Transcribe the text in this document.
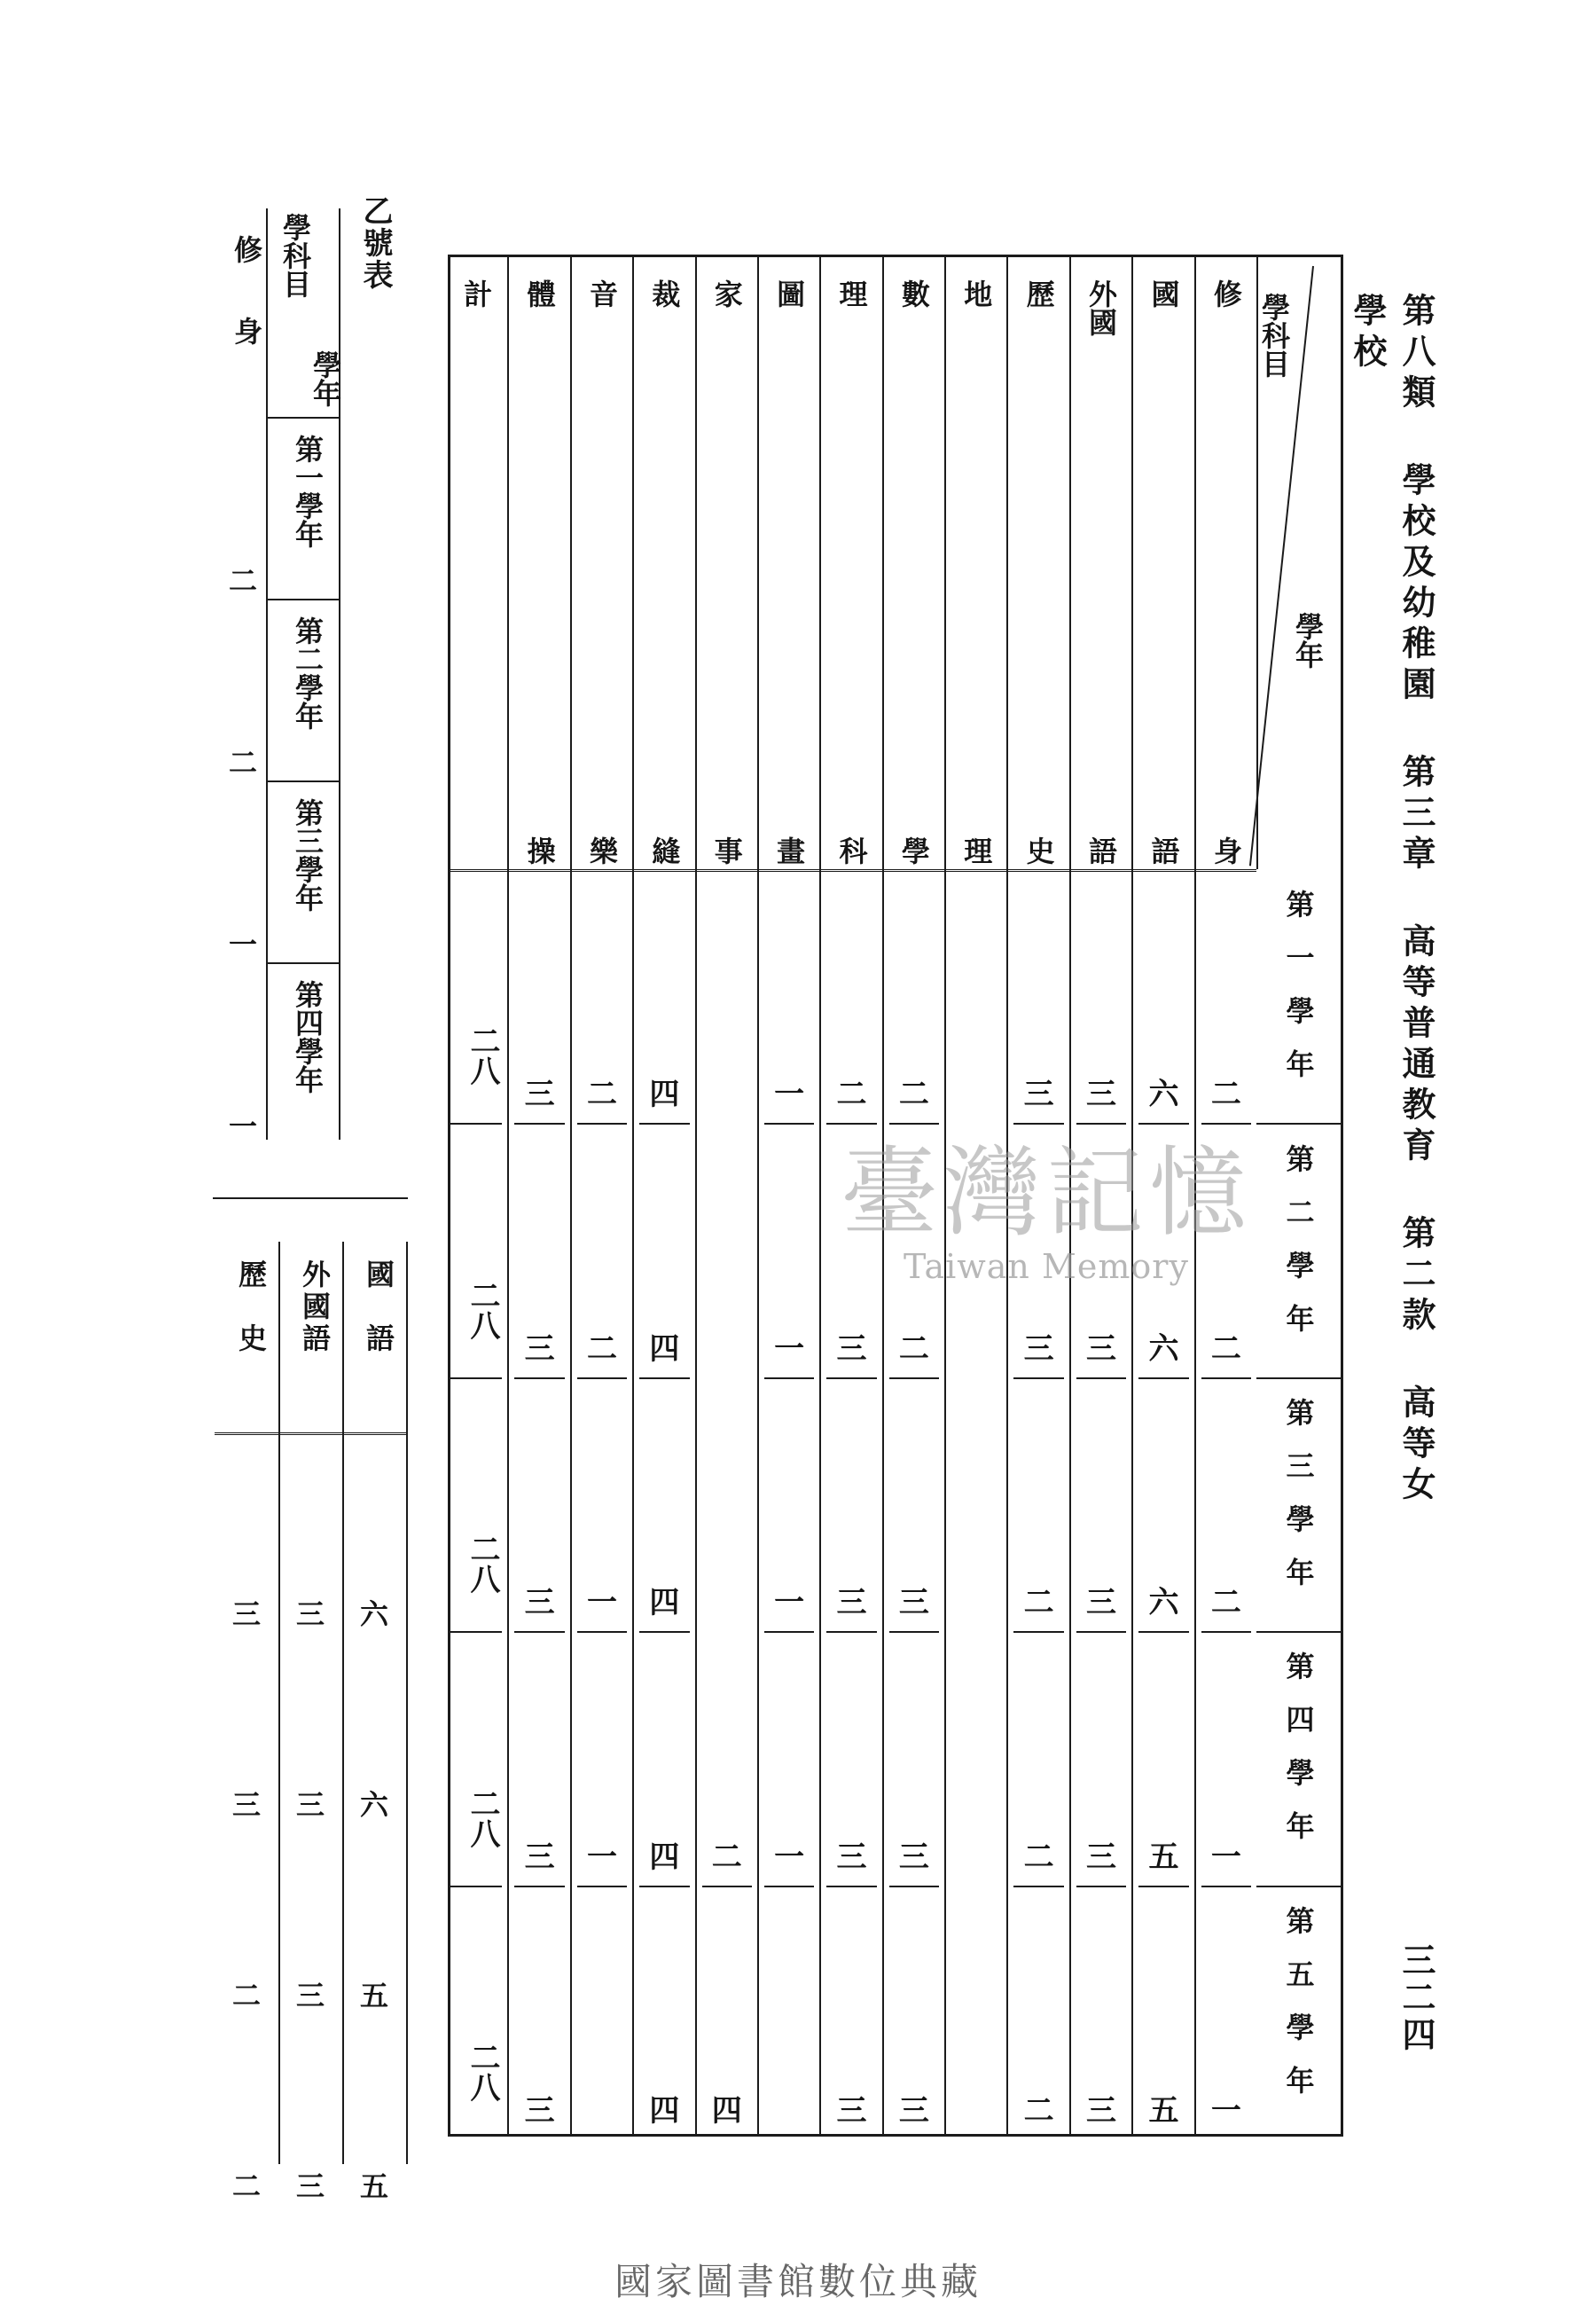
第八類 學校及幼稚園 第三章 高等普通教育 第二款 高等女學校
三二四
乙號表
學科目
學年
第一學年
第二學年
第三學年
第四學年
第五學年
修
身
二
二
二
一
一
國
語
六
六
六
五
五
外國
語
三
三
三
三
三
歷
史
三
三
二
二
二
地
理
數
學
二
二
三
三
三
理
科
二
三
三
三
三
圖
畫
一
一
一
一
家
事
二
四
裁
縫
四
四
四
四
四
音
樂
二
二
一
一
體
操
三
三
三
三
三
計
二八
二八
二八
二八
二八
學科目
學年
第一學年
第二學年
第三學年
第四學年
修身
二
二
一
一
國語
六
六
五
五
外國語
三
三
三
三
歷史
三
三
二
二
臺灣記憶
Taiwan Memory
國家圖書館數位典藏
